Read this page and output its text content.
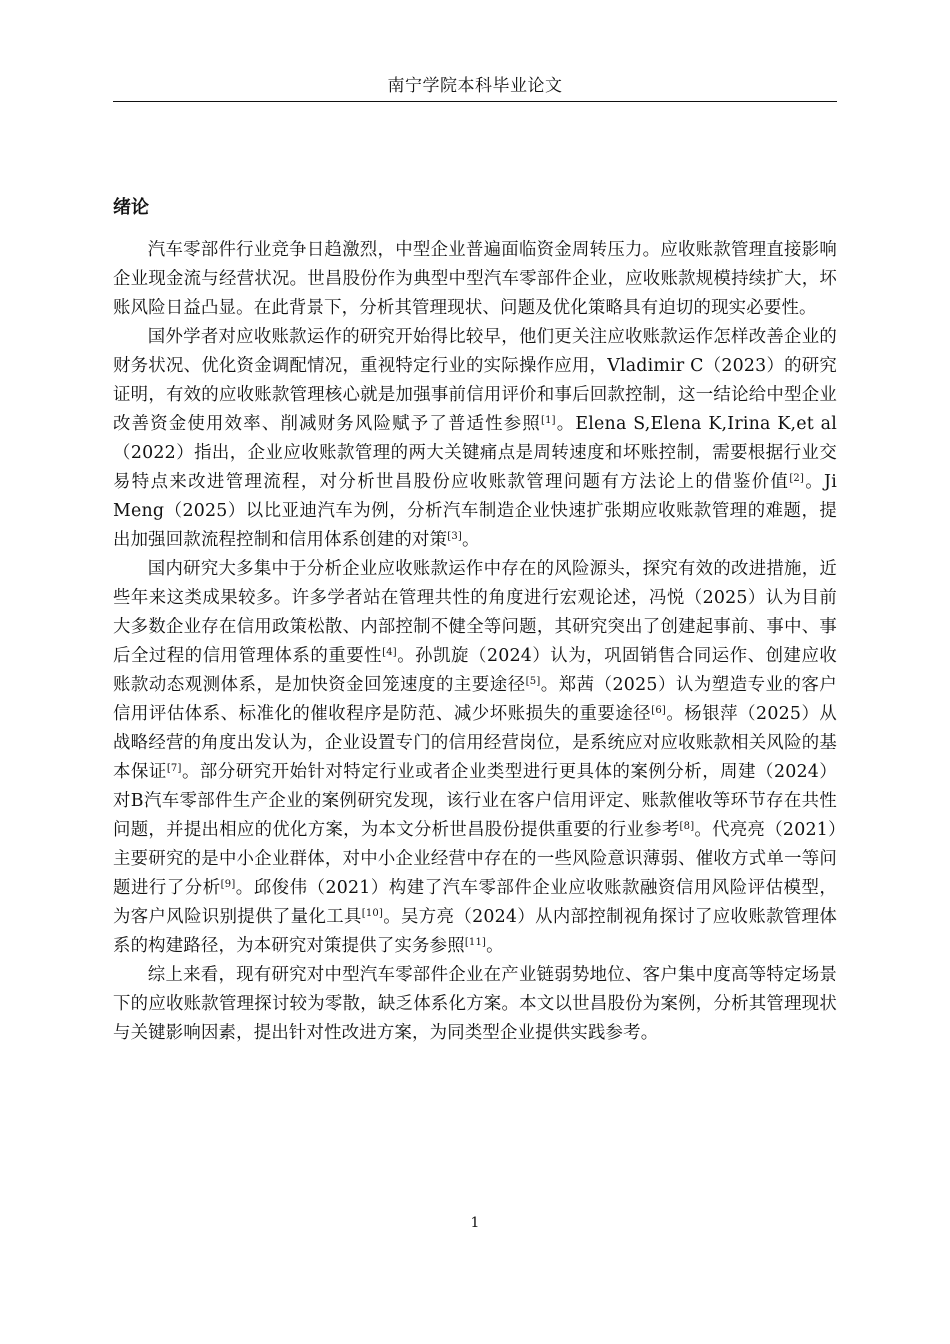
南宁学院本科毕业论文
绪论

汽车零部件行业竞争日趋激烈，中型企业普遍面临资金周转压力。应收账款管理直接影响企业现金流与经营状况。世昌股份作为典型中型汽车零部件企业，应收账款规模持续扩大，坏账风险日益凸显。在此背景下，分析其管理现状、问题及优化策略具有迫切的现实必要性。

国外学者对应收账款运作的研究开始得比较早，他们更关注应收账款运作怎样改善企业的财务状况、优化资金调配情况，重视特定行业的实际操作应用，Vladimir C（2023）的研究证明，有效的应收账款管理核心就是加强事前信用评价和事后回款控制，这一结论给中型企业改善资金使用效率、削减财务风险赋予了普适性参照[1]。Elena S,Elena K,Irina K,et al（2022）指出，企业应收账款管理的两大关键痛点是周转速度和坏账控制，需要根据行业交易特点来改进管理流程，对分析世昌股份应收账款管理问题有方法论上的借鉴价值[2]。Ji Meng（2025）以比亚迪汽车为例，分析汽车制造企业快速扩张期应收账款管理的难题，提出加强回款流程控制和信用体系创建的对策[3]。

国内研究大多集中于分析企业应收账款运作中存在的风险源头，探究有效的改进措施，近些年来这类成果较多。许多学者站在管理共性的角度进行宏观论述，冯悦（2025）认为目前大多数企业存在信用政策松散、内部控制不健全等问题，其研究突出了创建起事前、事中、事后全过程的信用管理体系的重要性[4]。孙凯旋（2024）认为，巩固销售合同运作、创建应收账款动态观测体系，是加快资金回笼速度的主要途径[5]。郑茜（2025）认为塑造专业的客户信用评估体系、标准化的催收程序是防范、减少坏账损失的重要途径[6]。杨银萍（2025）从战略经营的角度出发认为，企业设置专门的信用经营岗位，是系统应对应收账款相关风险的基本保证[7]。部分研究开始针对特定行业或者企业类型进行更具体的案例分析，周建（2024）对B汽车零部件生产企业的案例研究发现，该行业在客户信用评定、账款催收等环节存在共性问题，并提出相应的优化方案，为本文分析世昌股份提供重要的行业参考[8]。代亮亮（2021）主要研究的是中小企业群体，对中小企业经营中存在的一些风险意识薄弱、催收方式单一等问题进行了分析[9]。邱俊伟（2021）构建了汽车零部件企业应收账款融资信用风险评估模型，为客户风险识别提供了量化工具[10]。吴方亮（2024）从内部控制视角探讨了应收账款管理体系的构建路径，为本研究对策提供了实务参照[11]。

综上来看，现有研究对中型汽车零部件企业在产业链弱势地位、客户集中度高等特定场景下的应收账款管理探讨较为零散，缺乏体系化方案。本文以世昌股份为案例，分析其管理现状与关键影响因素，提出针对性改进方案，为同类型企业提供实践参考。

1
